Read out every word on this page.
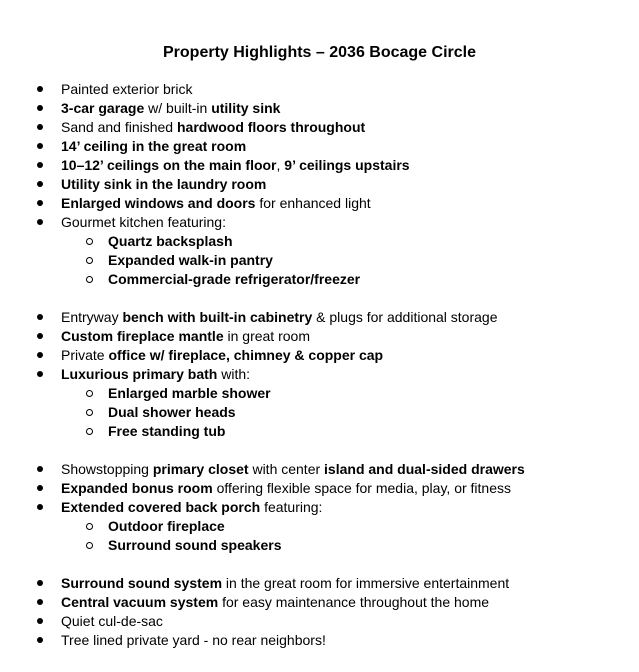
Property Highlights – 2036 Bocage Circle
Painted exterior brick
3-car garage w/ built-in utility sink
Sand and finished hardwood floors throughout
14’ ceiling in the great room
10–12’ ceilings on the main floor, 9’ ceilings upstairs
Utility sink in the laundry room
Enlarged windows and doors for enhanced light
Gourmet kitchen featuring:
Quartz backsplash
Expanded walk-in pantry
Commercial-grade refrigerator/freezer
Entryway bench with built-in cabinetry & plugs for additional storage
Custom fireplace mantle in great room
Private office w/ fireplace, chimney & copper cap
Luxurious primary bath with:
Enlarged marble shower
Dual shower heads
Free standing tub
Showstopping primary closet with center island and dual-sided drawers
Expanded bonus room offering flexible space for media, play, or fitness
Extended covered back porch featuring:
Outdoor fireplace
Surround sound speakers
Surround sound system in the great room for immersive entertainment
Central vacuum system for easy maintenance throughout the home
Quiet cul-de-sac
Tree lined private yard - no rear neighbors!
